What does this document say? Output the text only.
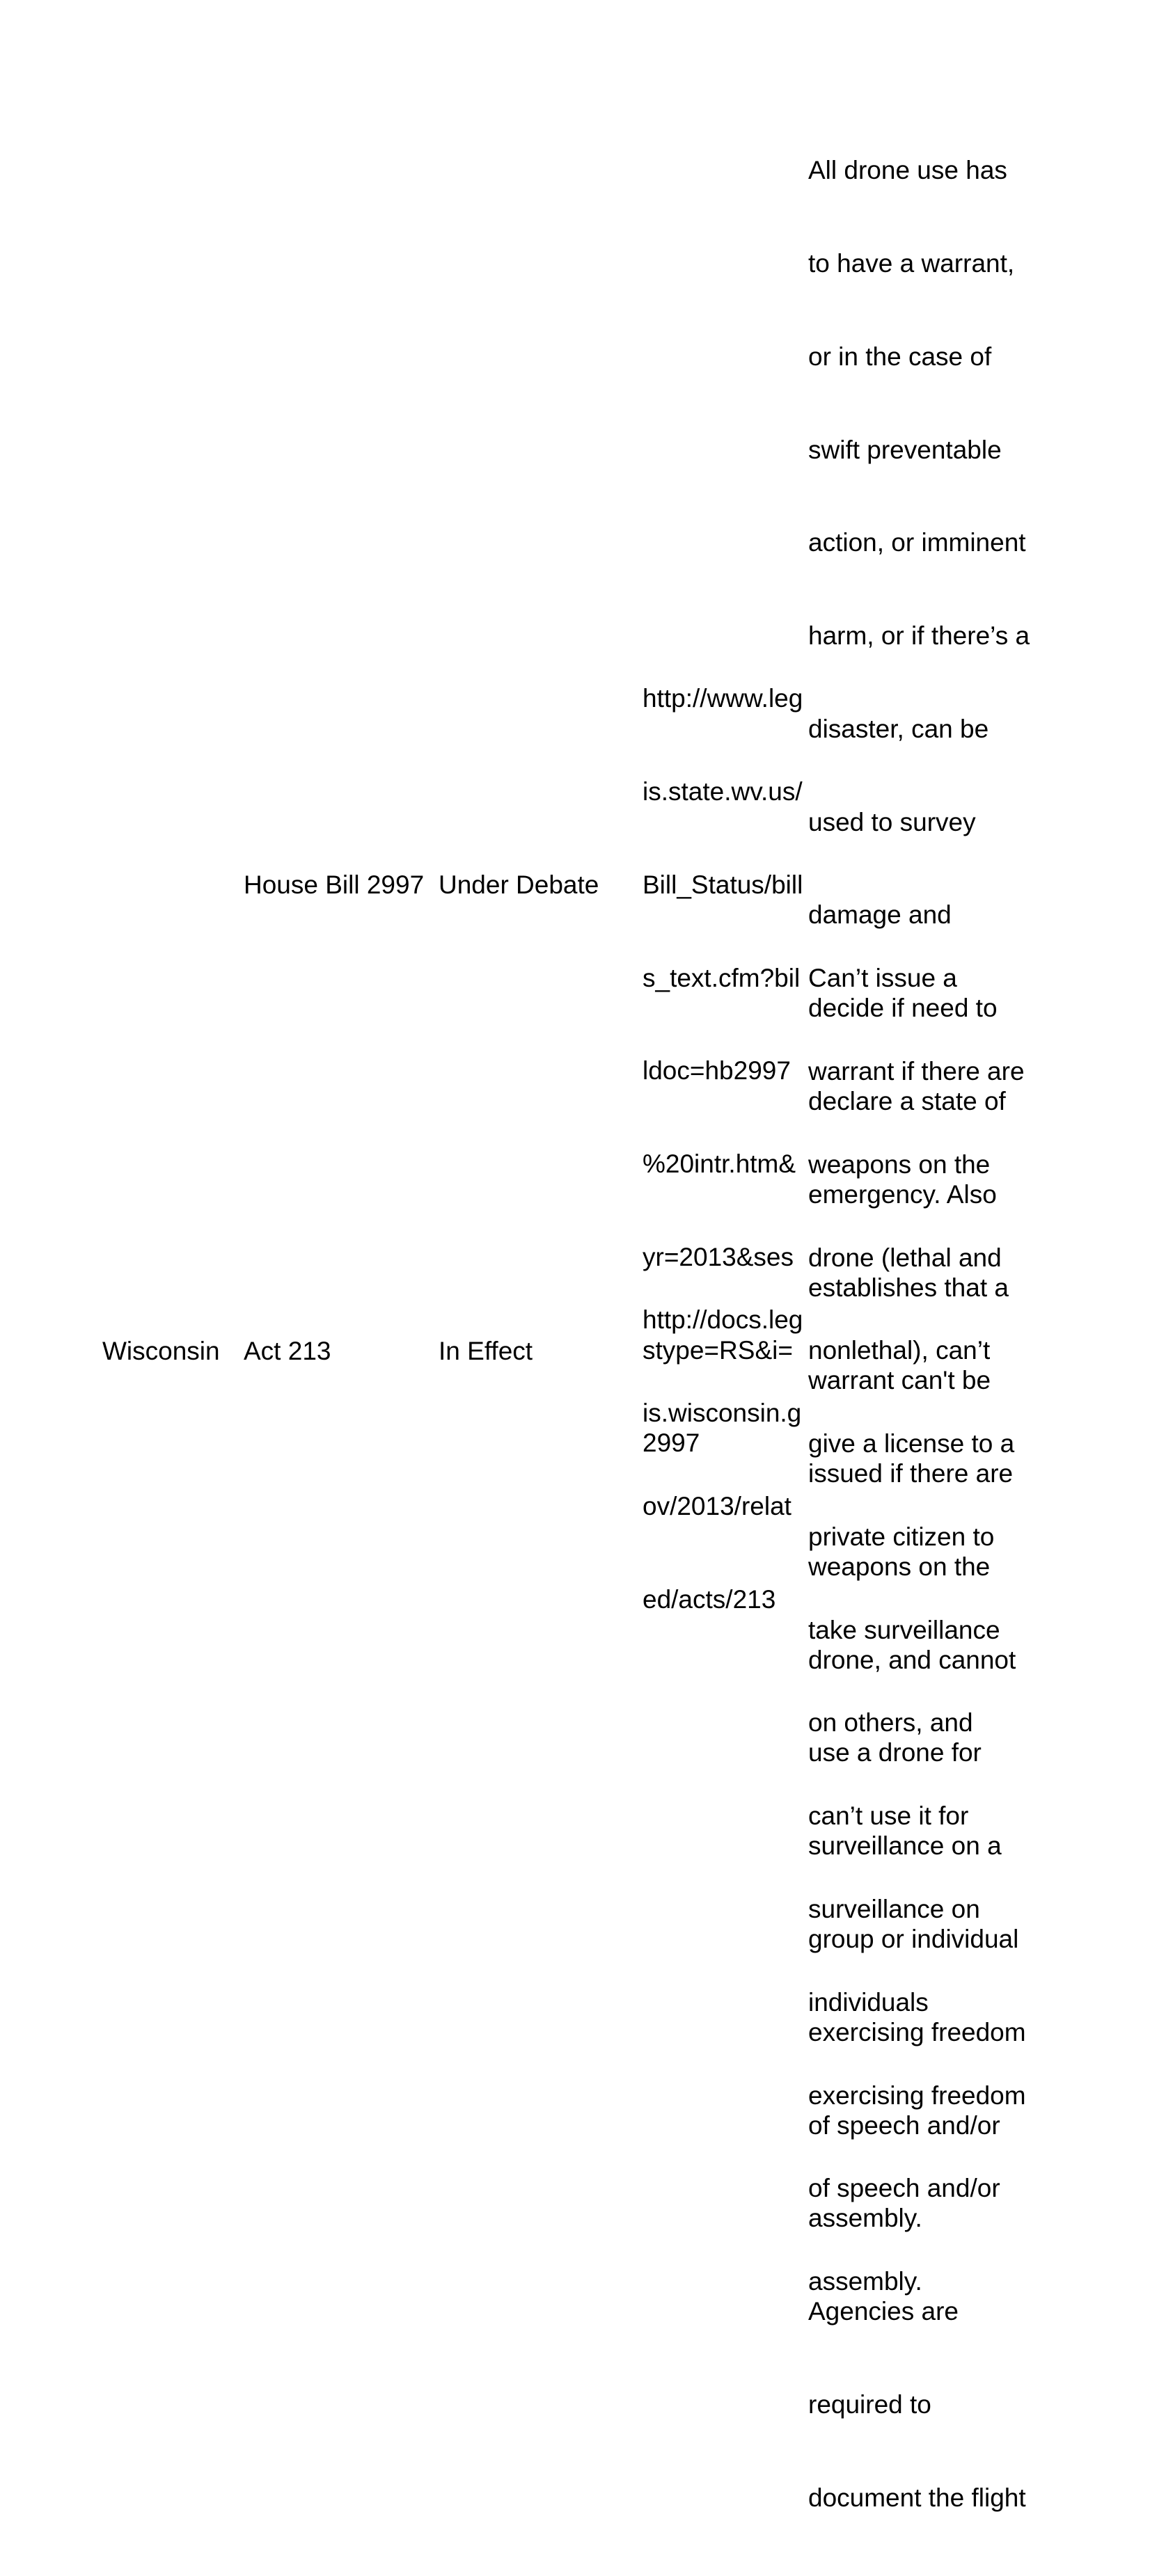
House Bill 2997 Under Debate

http://www.leg

is.state.wv.us/

Bill_Status/bill

s_text.cfm?bil

ldoc=hb2997

%20intr.htm&

yr=2013&ses

stype=RS&i=

2997

All drone use has

to have a warrant,

or in the case of

swift preventable

action, or imminent

harm, or if there’s a

disaster, can be

used to survey

damage and

decide if need to

declare a state of

emergency. Also

establishes that a

warrant can't be

issued if there are

weapons on the

drone, and cannot

use a drone for

surveillance on a

group or individual

exercising freedom

of speech and/or

assembly.

Agencies are

required to

document the flight

Wisconsin Act 213	In Effect

http://docs.leg

is.wisconsin.g

ov/2013/relat

ed/acts/213

Can’t issue a

warrant if there are

weapons on the

drone (lethal and

nonlethal), can’t

give a license to a

private citizen to

take surveillance

on others, and

can’t use it for

surveillance on

individuals

exercising freedom

of speech and/or

assembly.
